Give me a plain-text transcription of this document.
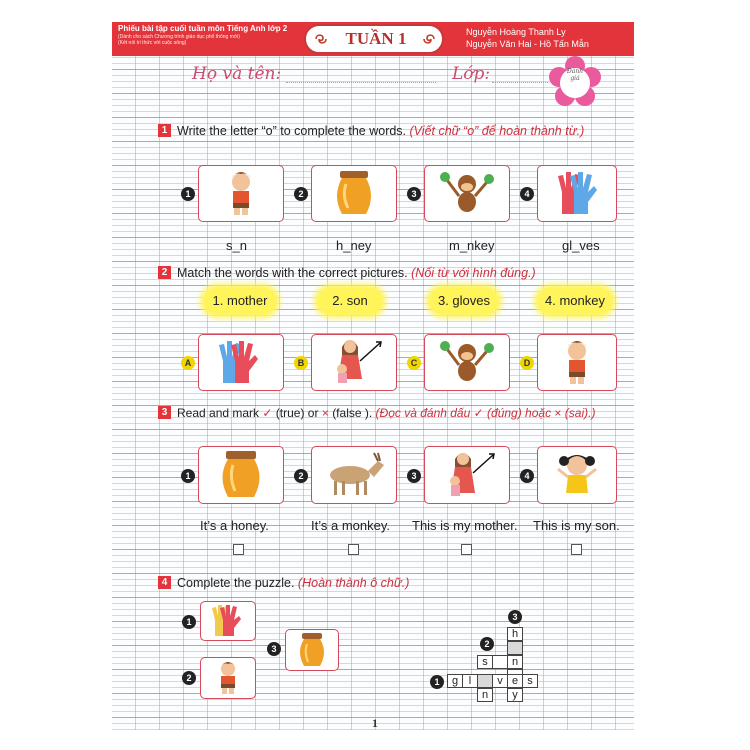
Phiếu bài tập cuối tuần môn Tiếng Anh lớp 2
(Dành cho sách Chương trình giáo dục phổ thông mới)
(Kết nối tri thức với cuộc sống)	TUẦN 1	Nguyễn Hoàng Thanh Ly
Nguyễn Văn Hai - Hồ Tấn Mẫn
Họ và tên:	Lớp:	Đánh giá
1 Write the letter “o” to complete the words. (Viết chữ “o” để hoàn thành từ.)
1	2	3	4
s_n	h_ney	m_nkey	gl_ves
2 Match the words with the correct pictures. (Nối từ với hình đúng.)
1. mother	2. son	3. gloves	4. monkey
A	B	C	D
3 Read and mark ✓ (true) or × (false ). (Đọc và đánh dấu ✓ (đúng) hoặc × (sai).)
1	2	3	4
It’s a honey.	It’s a monkey. This is my mother. This is my son.
4 Complete the puzzle. (Hoàn thành ô chữ.)
1
2
3
3
2
1
h
s	n
g l	v e s
n	y
1
